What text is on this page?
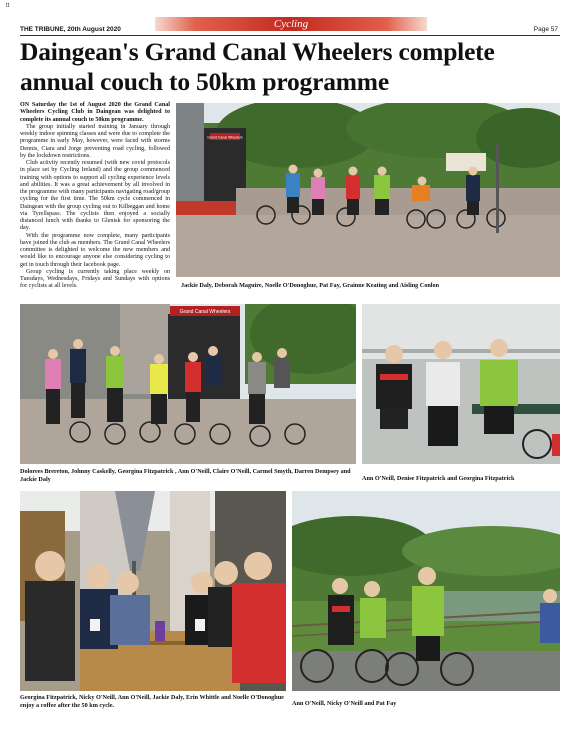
tt
Cycling
THE TRIBUNE, 20th August 2020	Page 57
Daingean's Grand Canal Wheelers complete annual couch to 50km programme

ON Saturday the 1st of August 2020 the Grand Canal Wheelers Cycling Club in Daingean was delighted to complete its annual couch to 50km programme.

The group initially started training in January through weekly indoor spinning classes and were due to complete the programme in early May, however, were faced with storms Dennis, Ciara and Jorge preventing road cycling, followed by the lockdown restrictions.

Club activity recently resumed (with new covid protocols in place set by Cycling Ireland) and the group commenced training with options to support all cycling experience levels and abilities. It was a great achievement by all involved in the programme with many participants navigating road/group cycling for the first time. The 50km cycle commenced in Daingean with the group cycling out to Kilbeggan and home via Tyrellspass. The cyclists then enjoyed a socially distanced lunch with thanks to Glenisk for sponsoring the day.

With the programme now complete, many participants have joined the club as members. The Grand Canal Wheelers committee is delighted to welcome the new members and would like to encourage anyone else considering cycling to get in touch through their facebook page.

Group cycling is currently taking place weekly on Tuesdays, Wednesdays, Fridays and Sundays with options for cyclists at all levels.

Grand Canal Wheelers
Jackie Daly, Deborah Maguire, Noelle O'Donoghue, Pat Fay, Grainne Keating and Aisling Conlon
Grand Canal Wheelers
Dolorees Brereton, Johnny Caskelly, Georgina Fitzpatrick , Ann O'Neill, Claire O'Neill, Carmel Smyth, Darren Dempsey and Jackie Daly	Ann O'Neill, Denise Fitzpatrick and Georgina Fitzpatrick
Georgina Fitzpatrick, Nicky O'Neill, Ann O'Neill, Jackie Daly, Erin Whittle and Noelle O'Donoghue enjoy a coffee after the 50 km cycle.	Ann O'Neill, Nicky O'Neill and Pat Fay
